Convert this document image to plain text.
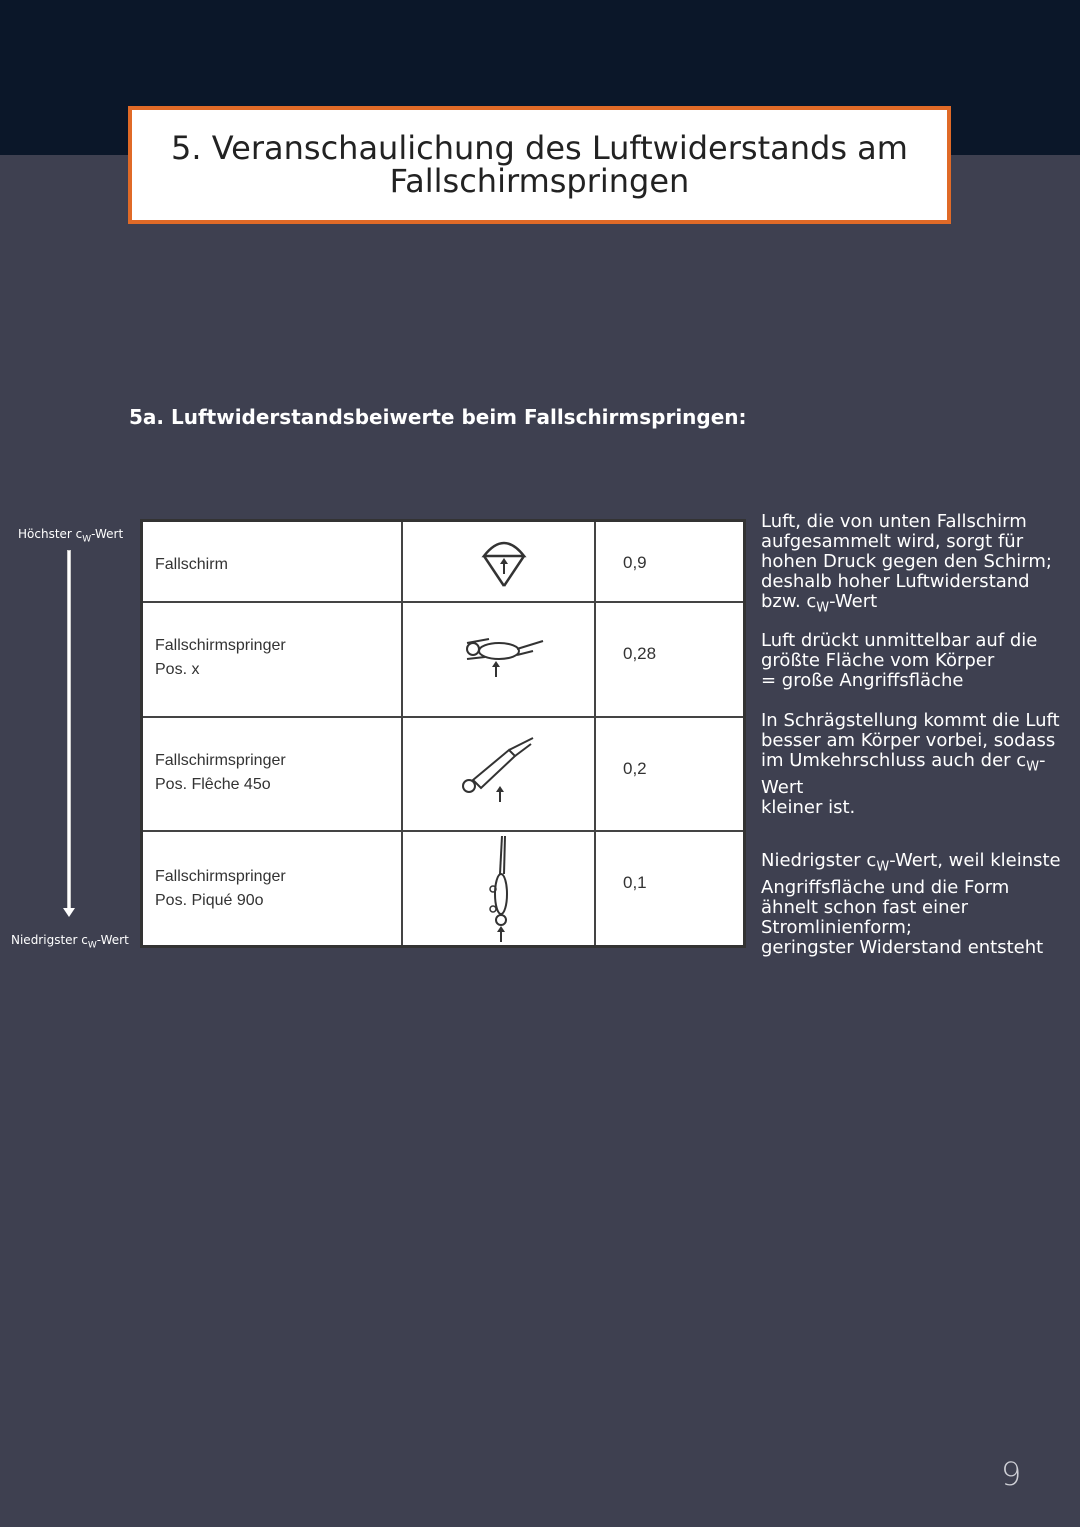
5. Veranschaulichung des Luftwiderstands am
Fallschirmspringen
5a. Luftwiderstandsbeiwerte beim Fallschirmspringen:
Höchster $c_W$-Wert
Niedrigster $c_W$-Wert
Fallschirm	0,9
Fallschirmspringer
Pos. x
0,28
Fallschirmspringer
Pos. Flêche 45o
0,2
Fallschirmspringer
Pos. Piqué 90o
0,1
Luft, die von unten Fallschirm
aufgesammelt wird, sorgt für
hohen Druck gegen den Schirm;
deshalb hoher Luftwiderstand
bzw. $c_W$-Wert
Luft drückt unmittelbar auf die
größte Fläche vom Körper
= große Angriffsfläche
In Schrägstellung kommt die Luft
besser am Körper vorbei, sodass
im Umkehrschluss auch der $c_W-$
Wert
kleiner ist.
Niedrigster $c_W$-Wert, weil kleinste
Angriffsfläche und die Form
ähnelt schon fast einer
Stromlinienform;
geringster Widerstand entsteht
9
